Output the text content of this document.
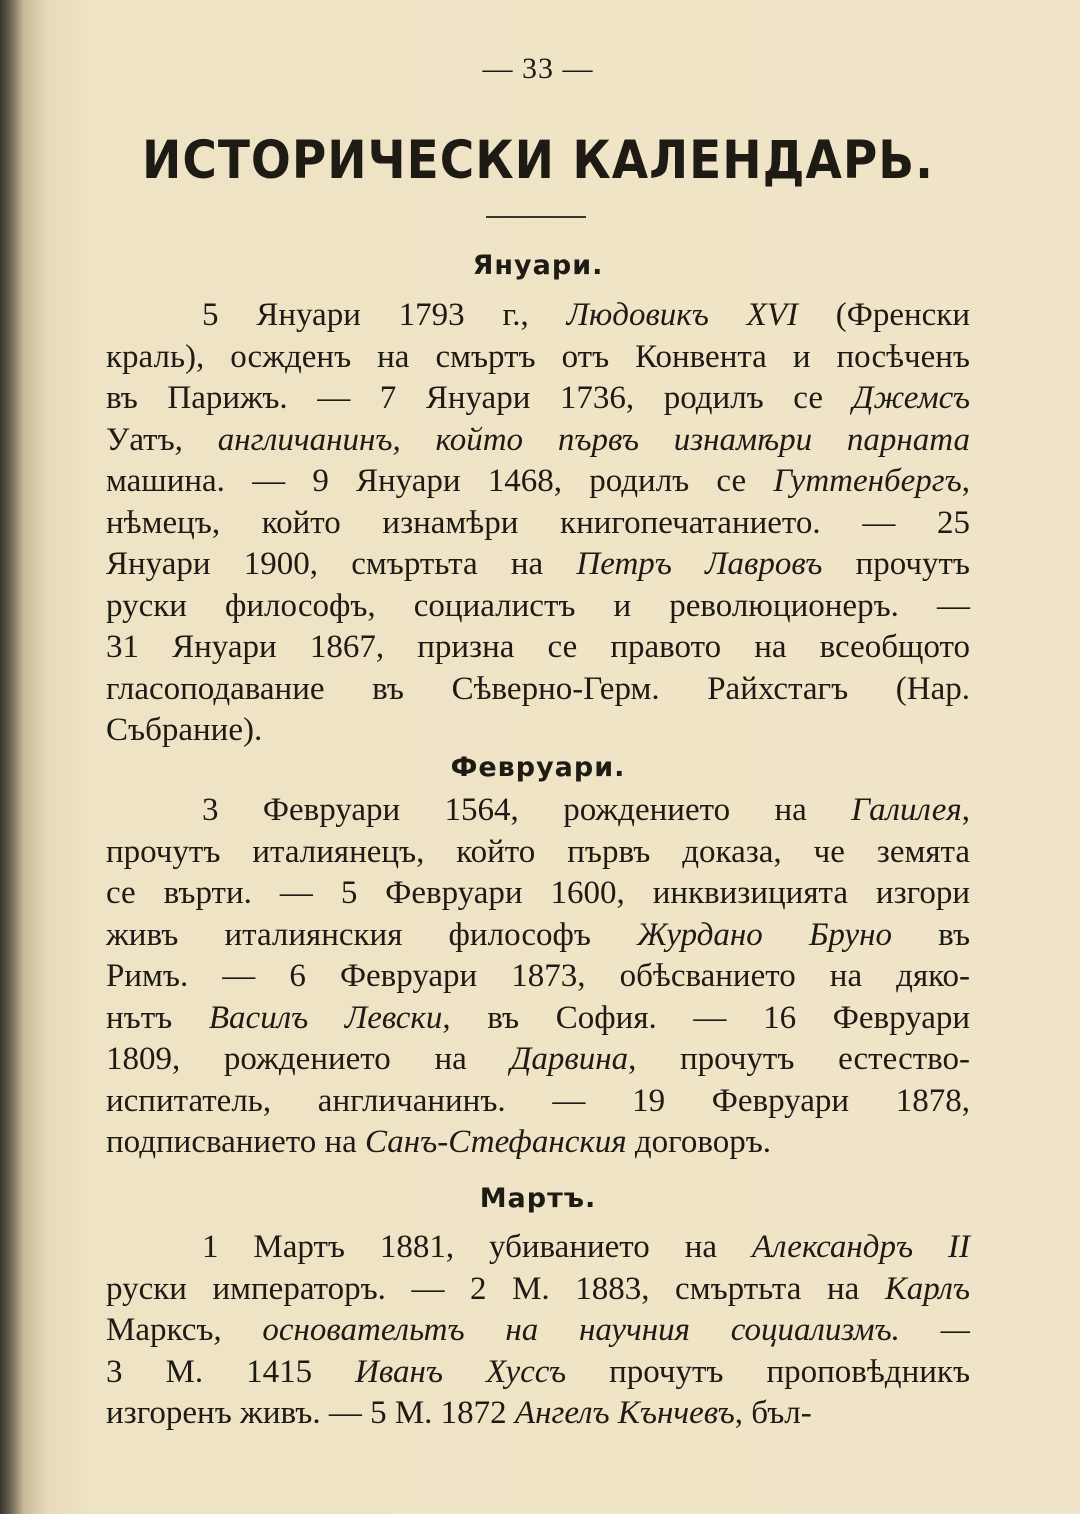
— 33 —
ИСТОРИЧЕСКИ КАЛЕНДАРЬ.
Януари.
5 Януари 1793 г., Людовикъ XVI (Френски
краль), осжденъ на смъртъ отъ Конвента и посѣченъ
въ Парижъ. — 7 Януари 1736, родилъ се Джемсъ
Уатъ, англичанинъ, който първъ изнамѣри парната
машина. — 9 Януари 1468, родилъ се Гуттенбергъ,
нѣмецъ, който изнамѣри книгопечатанието. — 25
Януари 1900, смъртьта на Петръ Лавровъ прочутъ
руски философъ, социалистъ и революционеръ. —
31 Януари 1867, призна се правото на всеобщото
гласоподавание въ Сѣверно-Герм. Райхстагъ (Нар.
Събрание).
Февруари.
3 Февруари 1564, рождението на Галилея,
прочутъ италиянецъ, който първъ доказа, че земята
се върти. — 5 Февруари 1600, инквизицията изгори
живъ италиянския философъ Журдано Бруно въ
Римъ. — 6 Февруари 1873, обѣсванието на дяко-
нътъ Василъ Левски, въ София. — 16 Февруари
1809, рождението на Дарвина, прочутъ естество-
испитатель, англичанинъ. — 19 Февруари 1878,
подписванието на Санъ-Стефанския договоръ.
Мартъ.
1 Мартъ 1881, убиванието на Александръ II
руски императоръ. — 2 М. 1883, смъртьта на Карлъ
Марксъ, основательтъ на научния социализмъ. —
3 М. 1415 Иванъ Хуссъ прочутъ проповѣдникъ
изгоренъ живъ. — 5 М. 1872 Ангелъ Кънчевъ, бъл-
